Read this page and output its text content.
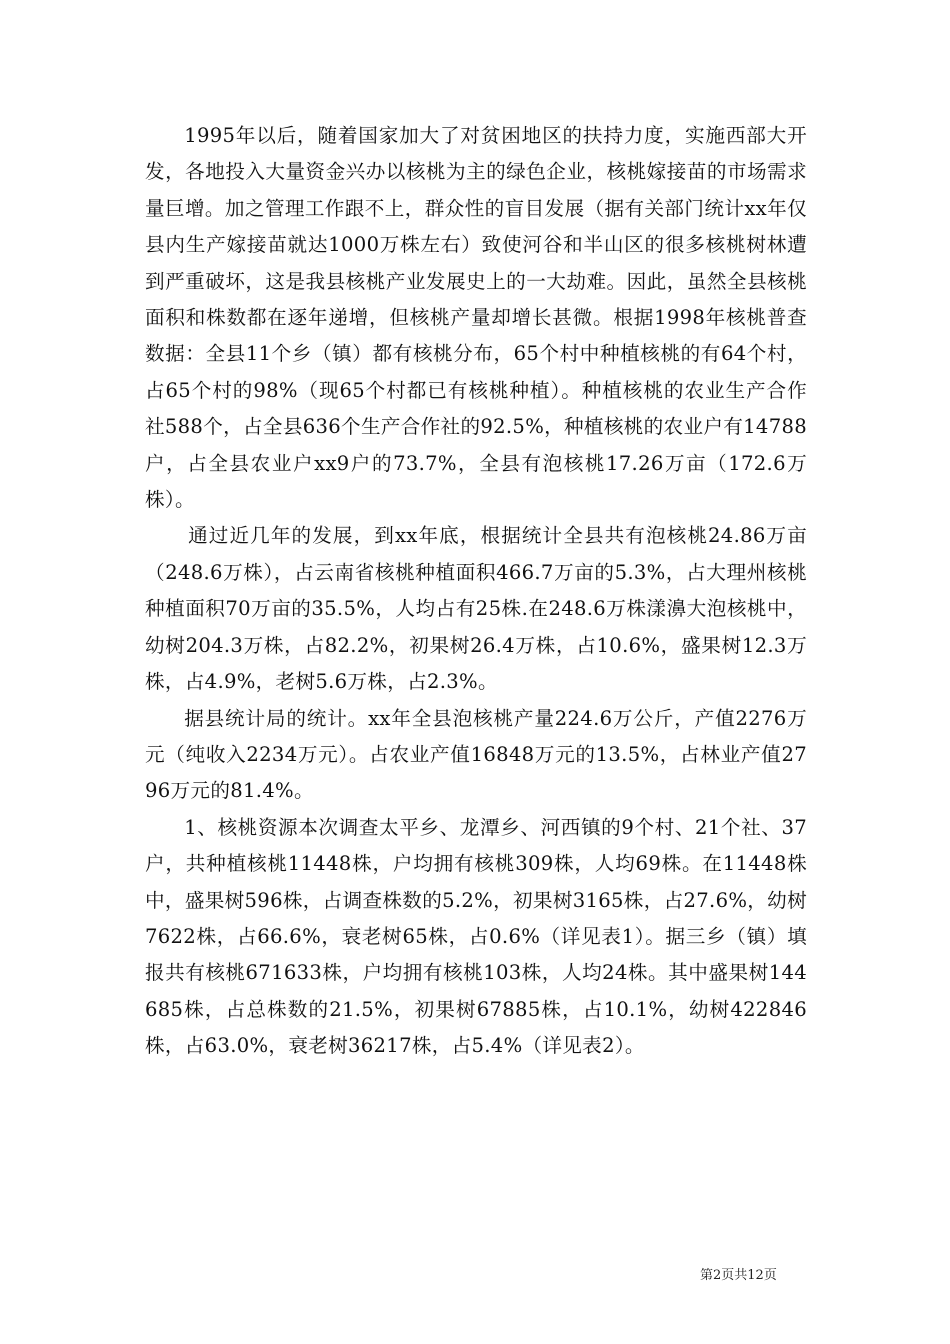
1995年以后，随着国家加大了对贫困地区的扶持力度，实施西部大开发，各地投入大量资金兴办以核桃为主的绿色企业，核桃嫁接苗的市场需求量巨增。加之管理工作跟不上，群众性的盲目发展（据有关部门统计xx年仅县内生产嫁接苗就达1000万株左右）致使河谷和半山区的很多核桃树林遭到严重破坏，这是我县核桃产业发展史上的一大劫难。因此，虽然全县核桃面积和株数都在逐年递增，但核桃产量却增长甚微。根据1998年核桃普查数据：全县11个乡（镇）都有核桃分布，65个村中种植核桃的有64个村，占65个村的98%（现65个村都已有核桃种植）。种植核桃的农业生产合作社588个，占全县636个生产合作社的92.5%，种植核桃的农业户有14788户，占全县农业户xx9户的73.7%，全县有泡核桃17.26万亩（172.6万株）。

通过近几年的发展，到xx年底，根据统计全县共有泡核桃24.86万亩（248.6万株），占云南省核桃种植面积466.7万亩的5.3%，占大理州核桃种植面积70万亩的35.5%，人均占有25株.在248.6万株漾濞大泡核桃中，幼树204.3万株，占82.2%，初果树26.4万株，占10.6%，盛果树12.3万株，占4.9%，老树5.6万株，占2.3%。

据县统计局的统计。xx年全县泡核桃产量224.6万公斤，产值2276万元（纯收入2234万元）。占农业产值16848万元的13.5%，占林业产值2796万元的81.4%。

1、核桃资源本次调查太平乡、龙潭乡、河西镇的9个村、21个社、37户，共种植核桃11448株，户均拥有核桃309株，人均69株。在11448株中，盛果树596株，占调查株数的5.2%，初果树3165株，占27.6%，幼树7622株，占66.6%，衰老树65株，占0.6%（详见表1）。据三乡（镇）填报共有核桃671633株，户均拥有核桃103株，人均24株。其中盛果树144685株，占总株数的21.5%，初果树67885株，占10.1%，幼树422846株，占63.0%，衰老树36217株，占5.4%（详见表2）。

第2页共12页
